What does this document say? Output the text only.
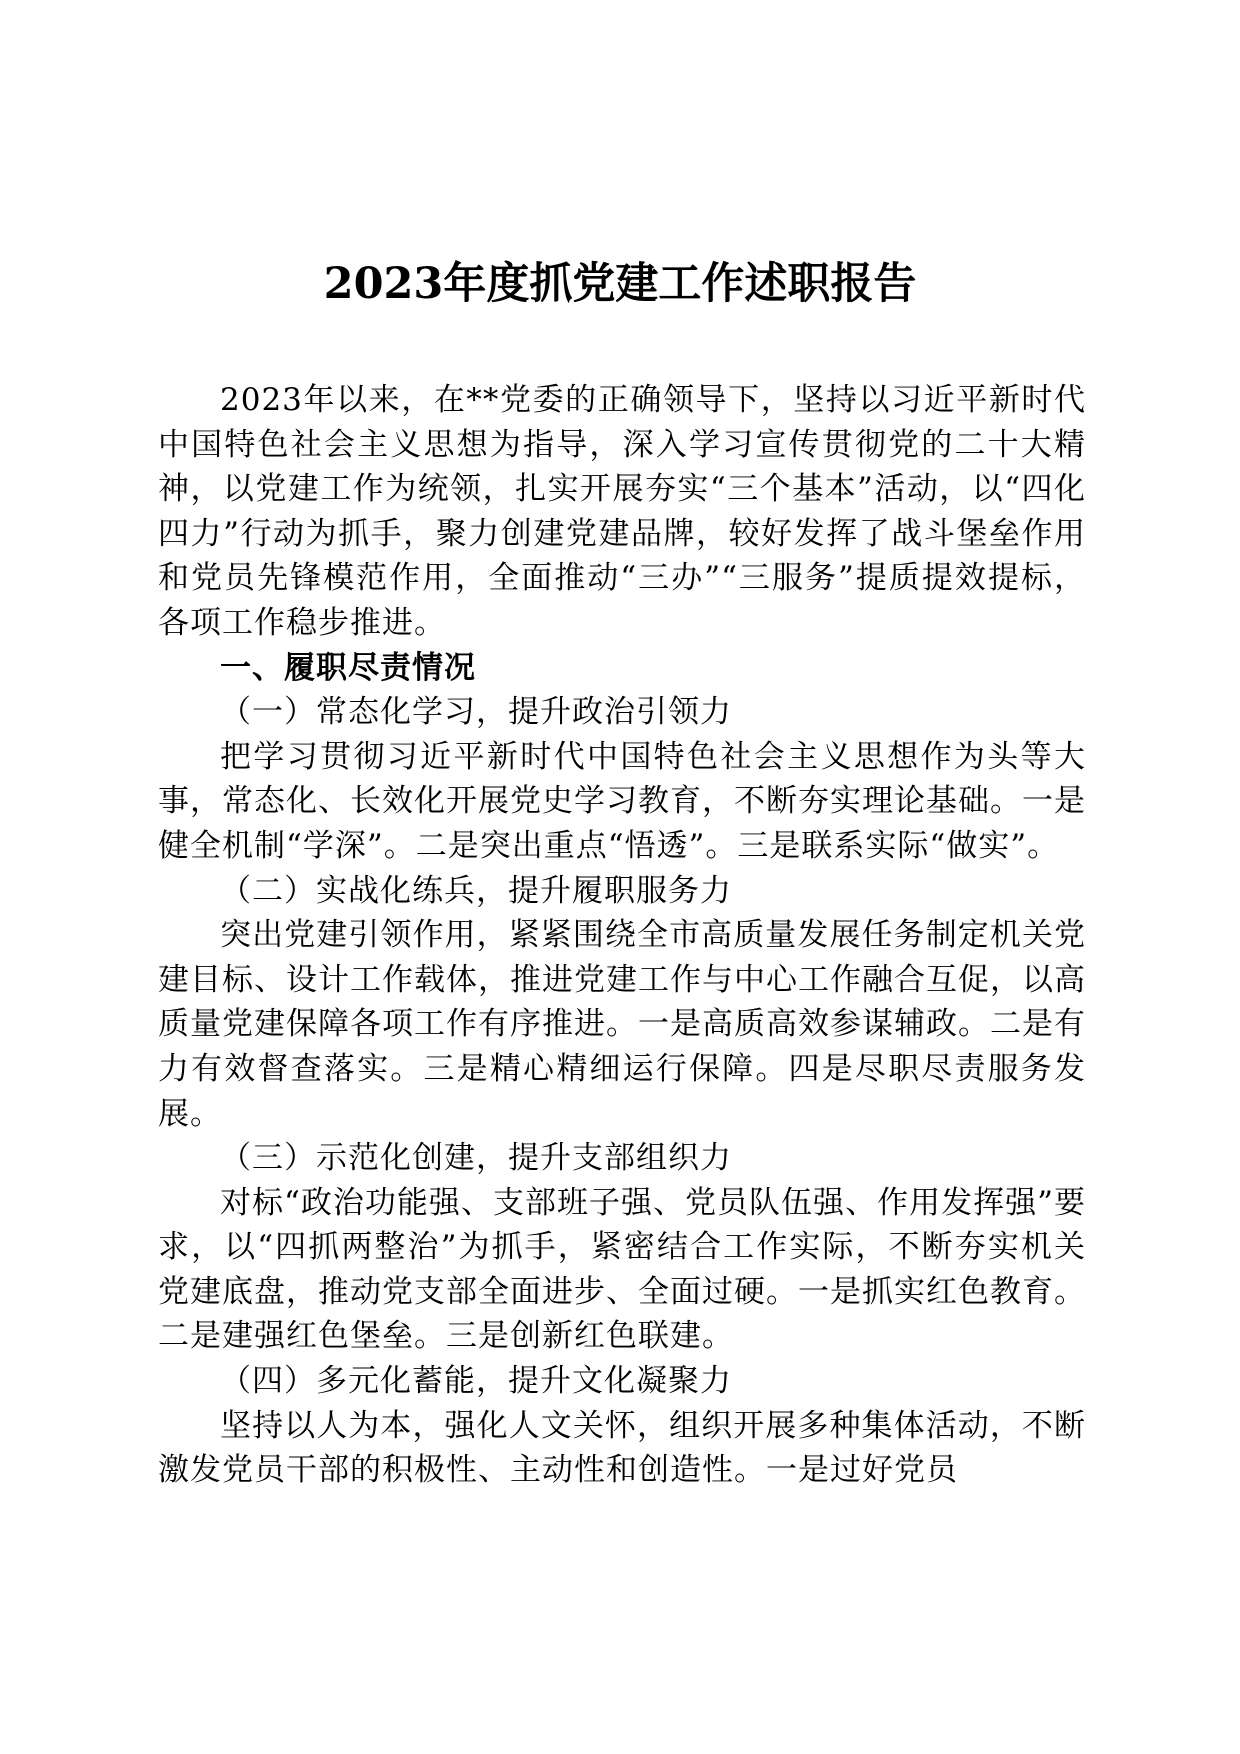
2023年度抓党建工作述职报告

2023年以来，在**党委的正确领导下，坚持以习近平新时代中国特色社会主义思想为指导，深入学习宣传贯彻党的二十大精神，以党建工作为统领，扎实开展夯实“三个基本”活动，以“四化四力”行动为抓手，聚力创建党建品牌，较好发挥了战斗堡垒作用和党员先锋模范作用，全面推动“三办”“三服务”提质提效提标，各项工作稳步推进。

一、履职尽责情况

（一）常态化学习，提升政治引领力

把学习贯彻习近平新时代中国特色社会主义思想作为头等大事，常态化、长效化开展党史学习教育，不断夯实理论基础。一是健全机制“学深”。二是突出重点“悟透”。三是联系实际“做实”。

（二）实战化练兵，提升履职服务力

突出党建引领作用，紧紧围绕全市高质量发展任务制定机关党建目标、设计工作载体，推进党建工作与中心工作融合互促，以高质量党建保障各项工作有序推进。一是高质高效参谋辅政。二是有力有效督查落实。三是精心精细运行保障。四是尽职尽责服务发展。

（三）示范化创建，提升支部组织力

对标“政治功能强、支部班子强、党员队伍强、作用发挥强”要求，以“四抓两整治”为抓手，紧密结合工作实际，不断夯实机关党建底盘，推动党支部全面进步、全面过硬。一是抓实红色教育。二是建强红色堡垒。三是创新红色联建。

（四）多元化蓄能，提升文化凝聚力

坚持以人为本，强化人文关怀，组织开展多种集体活动，不断激发党员干部的积极性、主动性和创造性。一是过好党员
